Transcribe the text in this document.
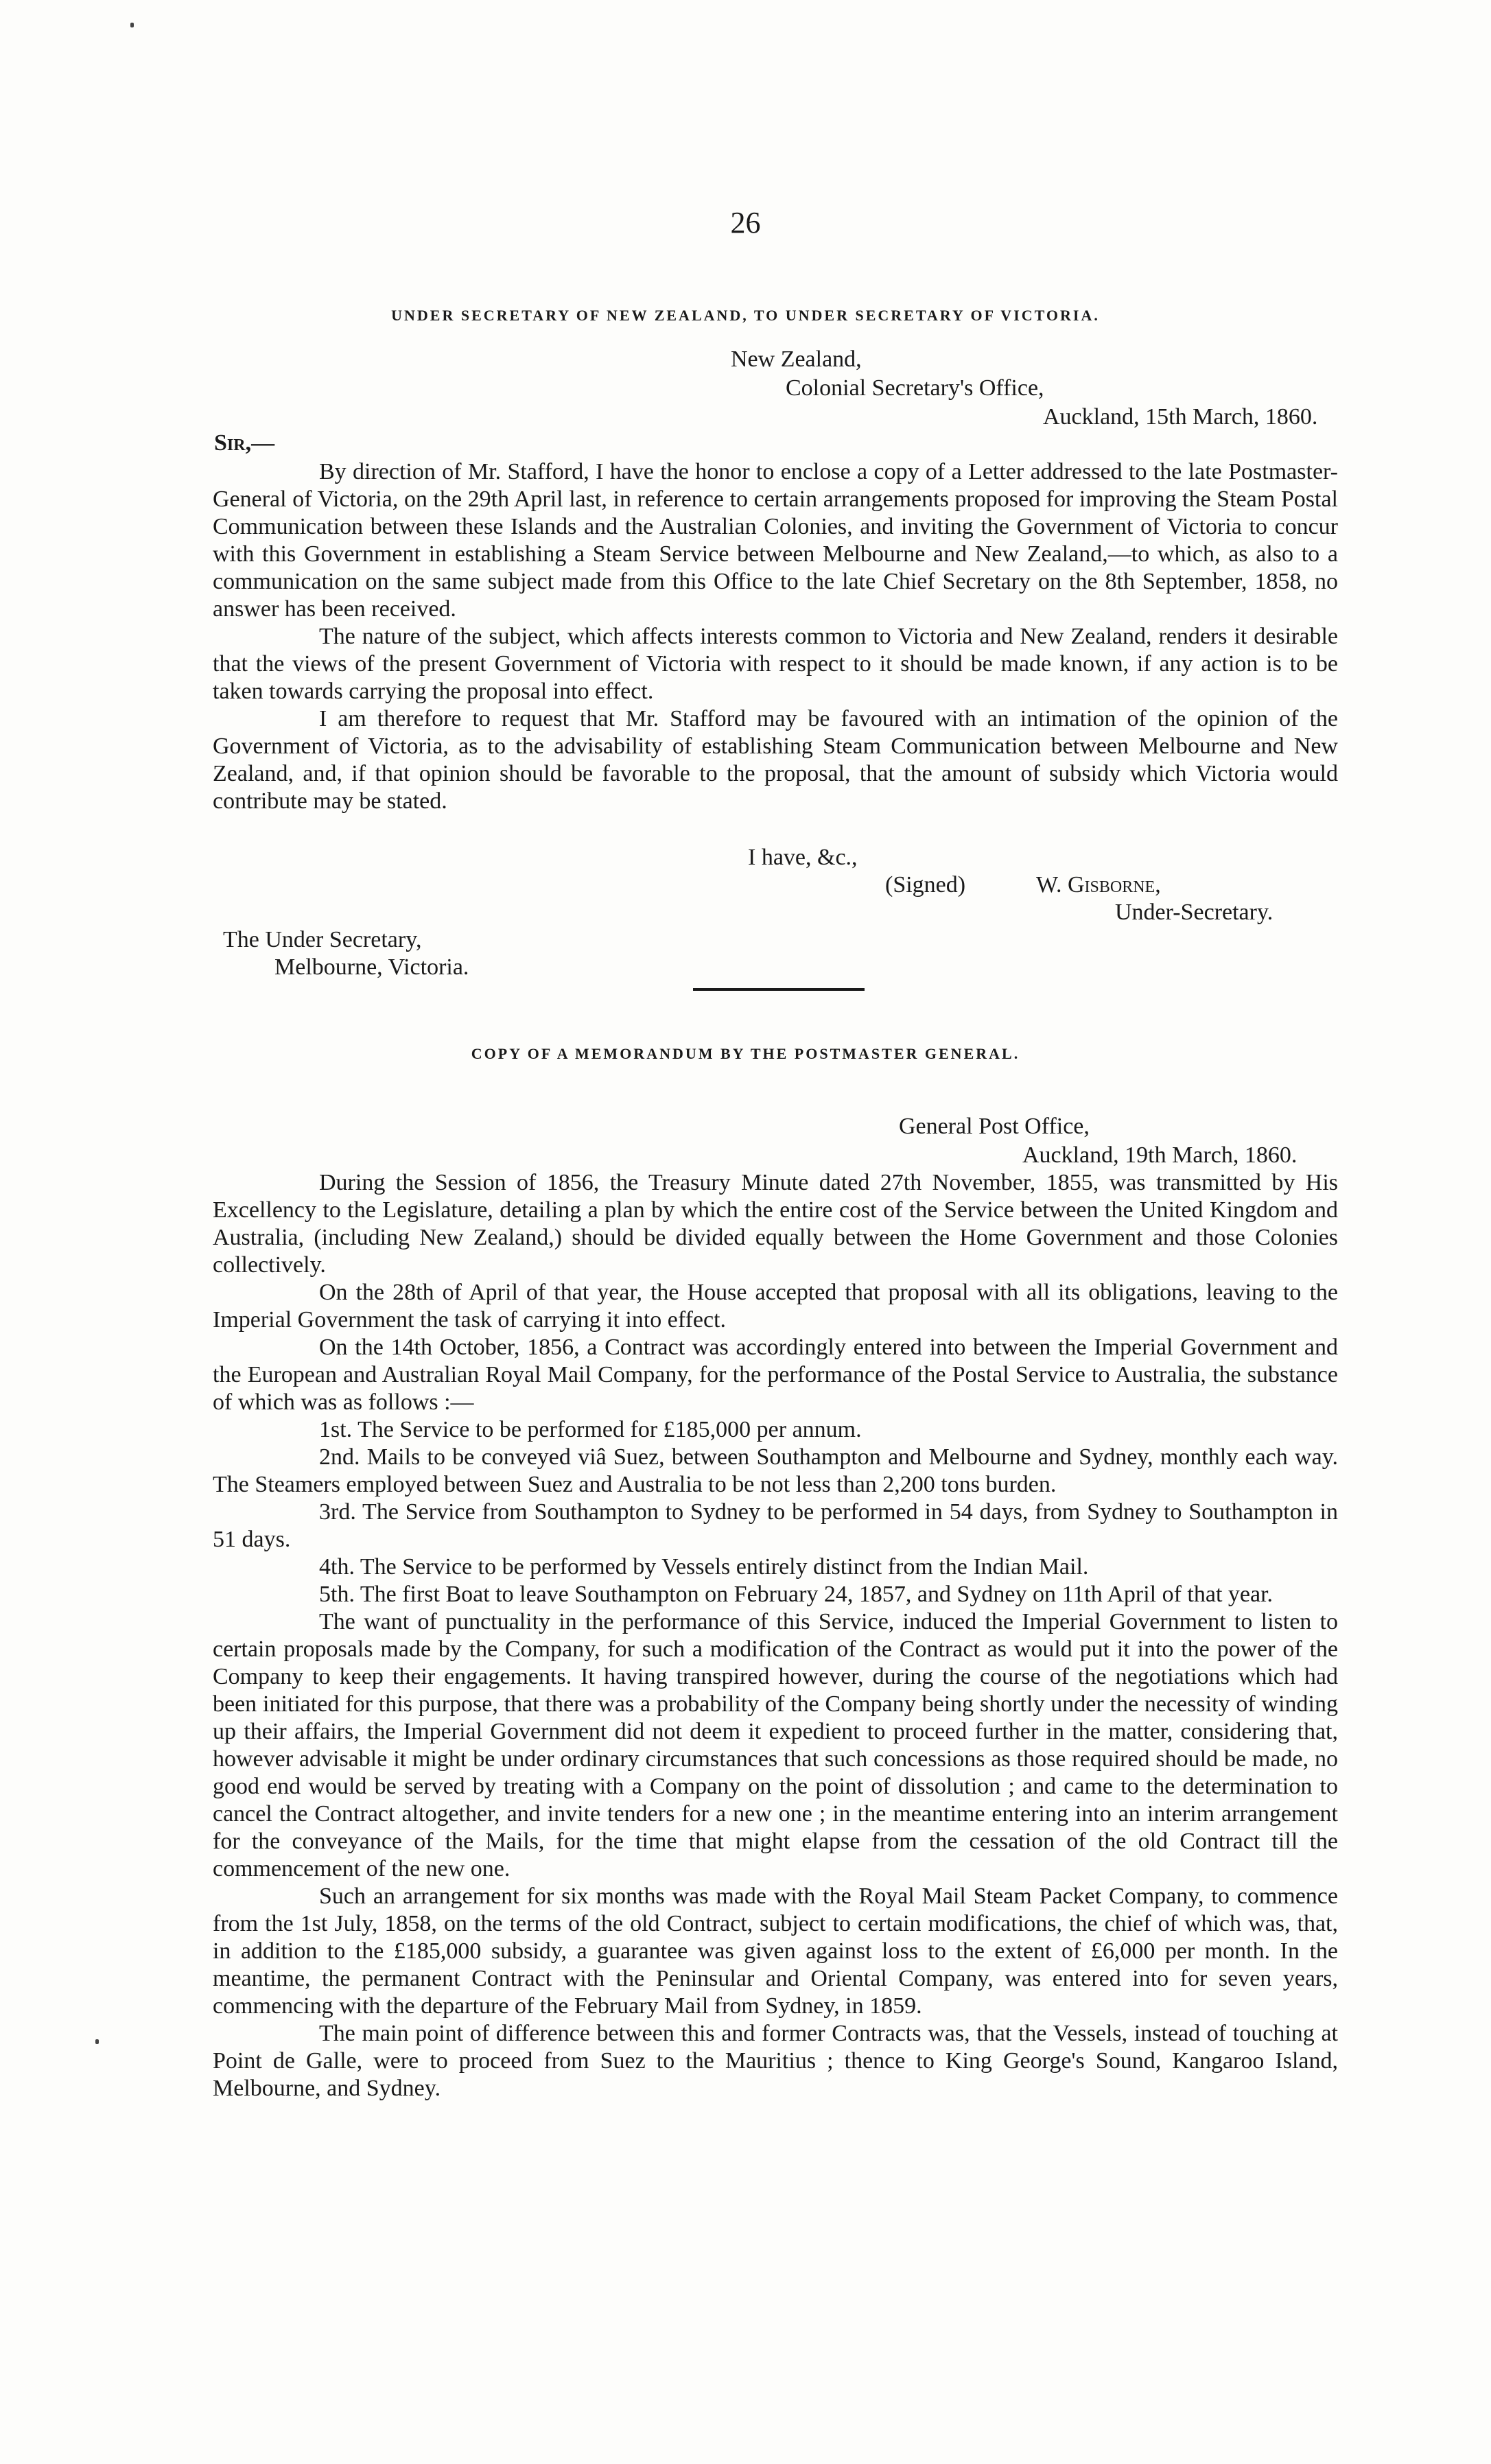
26
UNDER SECRETARY OF NEW ZEALAND, TO UNDER SECRETARY OF VICTORIA.
New Zealand,
Colonial Secretary's Office,
Auckland, 15th March, 1860.
Sir,—

By direction of Mr. Stafford, I have the honor to enclose a copy of a Letter addressed to the late Postmaster-General of Victoria, on the 29th April last, in reference to certain arrangements proposed for improving the Steam Postal Communication between these Islands and the Australian Colonies, and inviting the Government of Victoria to concur with this Government in establishing a Steam Service between Melbourne and New Zealand,—to which, as also to a communication on the same subject made from this Office to the late Chief Secretary on the 8th September, 1858, no answer has been received.

The nature of the subject, which affects interests common to Victoria and New Zealand, renders it desirable that the views of the present Government of Victoria with respect to it should be made known, if any action is to be taken towards carrying the proposal into effect.

I am therefore to request that Mr. Stafford may be favoured with an intimation of the opinion of the Government of Victoria, as to the advisability of establishing Steam Communication between Melbourne and New Zealand, and, if that opinion should be favorable to the proposal, that the amount of subsidy which Victoria would contribute may be stated.

I have, &c.,
(Signed)	W. Gisborne,
Under-Secretary.
The Under Secretary,
Melbourne, Victoria.
COPY OF A MEMORANDUM BY THE POSTMASTER GENERAL.
General Post Office,
Auckland, 19th March, 1860.

During the Session of 1856, the Treasury Minute dated 27th November, 1855, was transmitted by His Excellency to the Legislature, detailing a plan by which the entire cost of the Service between the United Kingdom and Australia, (including New Zealand,) should be divided equally between the Home Government and those Colonies collectively.

On the 28th of April of that year, the House accepted that proposal with all its obligations, leaving to the Imperial Government the task of carrying it into effect.

On the 14th October, 1856, a Contract was accordingly entered into between the Imperial Government and the European and Australian Royal Mail Company, for the performance of the Postal Service to Australia, the substance of which was as follows :—

1st. The Service to be performed for £185,000 per annum.

2nd. Mails to be conveyed viâ Suez, between Southampton and Melbourne and Sydney, monthly each way. The Steamers employed between Suez and Australia to be not less than 2,200 tons burden.

3rd. The Service from Southampton to Sydney to be performed in 54 days, from Sydney to Southampton in 51 days.

4th. The Service to be performed by Vessels entirely distinct from the Indian Mail.

5th. The first Boat to leave Southampton on February 24, 1857, and Sydney on 11th April of that year.

The want of punctuality in the performance of this Service, induced the Imperial Government to listen to certain proposals made by the Company, for such a modification of the Contract as would put it into the power of the Company to keep their engagements. It having transpired however, during the course of the negotiations which had been initiated for this purpose, that there was a probability of the Company being shortly under the necessity of winding up their affairs, the Imperial Government did not deem it expedient to proceed further in the matter, considering that, however advisable it might be under ordinary circumstances that such concessions as those required should be made, no good end would be served by treating with a Company on the point of dissolution ; and came to the determination to cancel the Contract altogether, and invite tenders for a new one ; in the meantime entering into an interim arrangement for the conveyance of the Mails, for the time that might elapse from the cessation of the old Contract till the commencement of the new one.

Such an arrangement for six months was made with the Royal Mail Steam Packet Company, to commence from the 1st July, 1858, on the terms of the old Contract, subject to certain modifications, the chief of which was, that, in addition to the £185,000 subsidy, a guarantee was given against loss to the extent of £6,000 per month. In the meantime, the permanent Contract with the Peninsular and Oriental Company, was entered into for seven years, commencing with the departure of the February Mail from Sydney, in 1859.

The main point of difference between this and former Contracts was, that the Vessels, instead of touching at Point de Galle, were to proceed from Suez to the Mauritius ; thence to King George's Sound, Kangaroo Island, Melbourne, and Sydney.
